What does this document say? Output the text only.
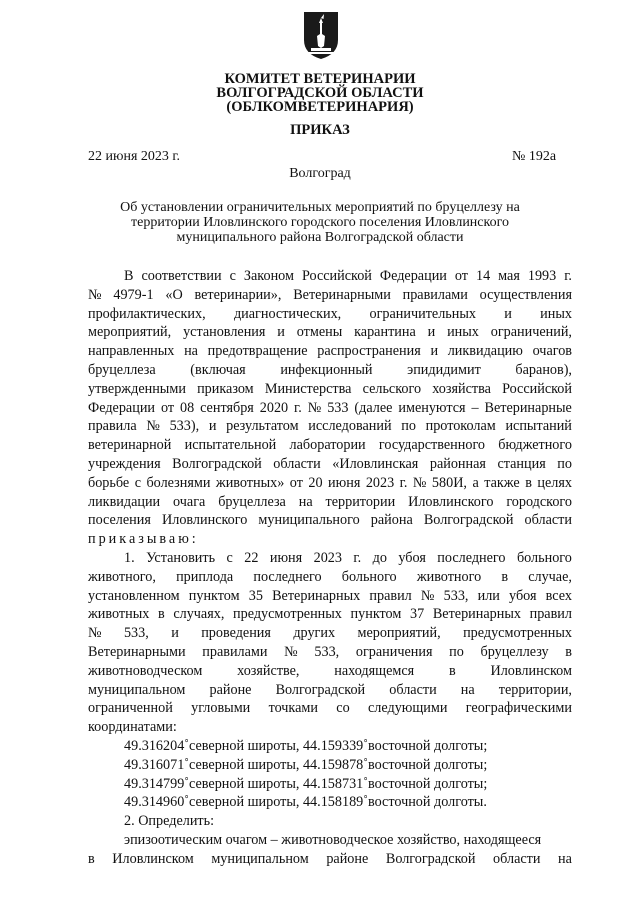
КОМИТЕТ ВЕТЕРИНАРИИ
ВОЛГОГРАДСКОЙ ОБЛАСТИ
(ОБЛКОМВЕТЕРИНАРИЯ)
ПРИКАЗ
22 июня 2023 г.	№ 192а
Волгоград
Об установлении ограничительных мероприятий по бруцеллезу на
территории Иловлинского городского поселения Иловлинского
муниципального района Волгоградской области
В соответствии с Законом Российской Федерации от 14 мая 1993 г.
№ 4979-1 «О ветеринарии», Ветеринарными правилами осуществления
профилактических, диагностических, ограничительных и иных
мероприятий, установления и отмены карантина и иных ограничений,
направленных на предотвращение распространения и ликвидацию очагов
бруцеллеза (включая инфекционный эпидидимит баранов),
утвержденными приказом Министерства сельского хозяйства Российской
Федерации от 08 сентября 2020 г. № 533 (далее именуются – Ветеринарные
правила № 533), и результатом исследований по протоколам испытаний
ветеринарной испытательной лаборатории государственного бюджетного
учреждения Волгоградской области «Иловлинская районная станция по
борьбе с болезнями животных» от 20 июня 2023 г. № 580И, а также в целях
ликвидации очага бруцеллеза на территории Иловлинского городского
поселения Иловлинского муниципального района Волгоградской области
приказываю:
1. Установить с 22 июня 2023 г. до убоя последнего больного
животного, приплода последнего больного животного в случае,
установленном пунктом 35 Ветеринарных правил № 533, или убоя всех
животных в случаях, предусмотренных пунктом 37 Ветеринарных правил
№ 533, и проведения других мероприятий, предусмотренных
Ветеринарными правилами № 533, ограничения по бруцеллезу в
животноводческом хозяйстве, находящемся в Иловлинском
муниципальном районе Волгоградской области на территории,
ограниченной угловыми точками со следующими географическими
координатами:
49.316204˚северной широты, 44.159339˚восточной долготы;
49.316071˚северной широты, 44.159878˚восточной долготы;
49.314799˚северной широты, 44.158731˚восточной долготы;
49.314960˚северной широты, 44.158189˚восточной долготы.
2. Определить:
эпизоотическим очагом – животноводческое хозяйство, находящееся
в Иловлинском муниципальном районе Волгоградской области на
